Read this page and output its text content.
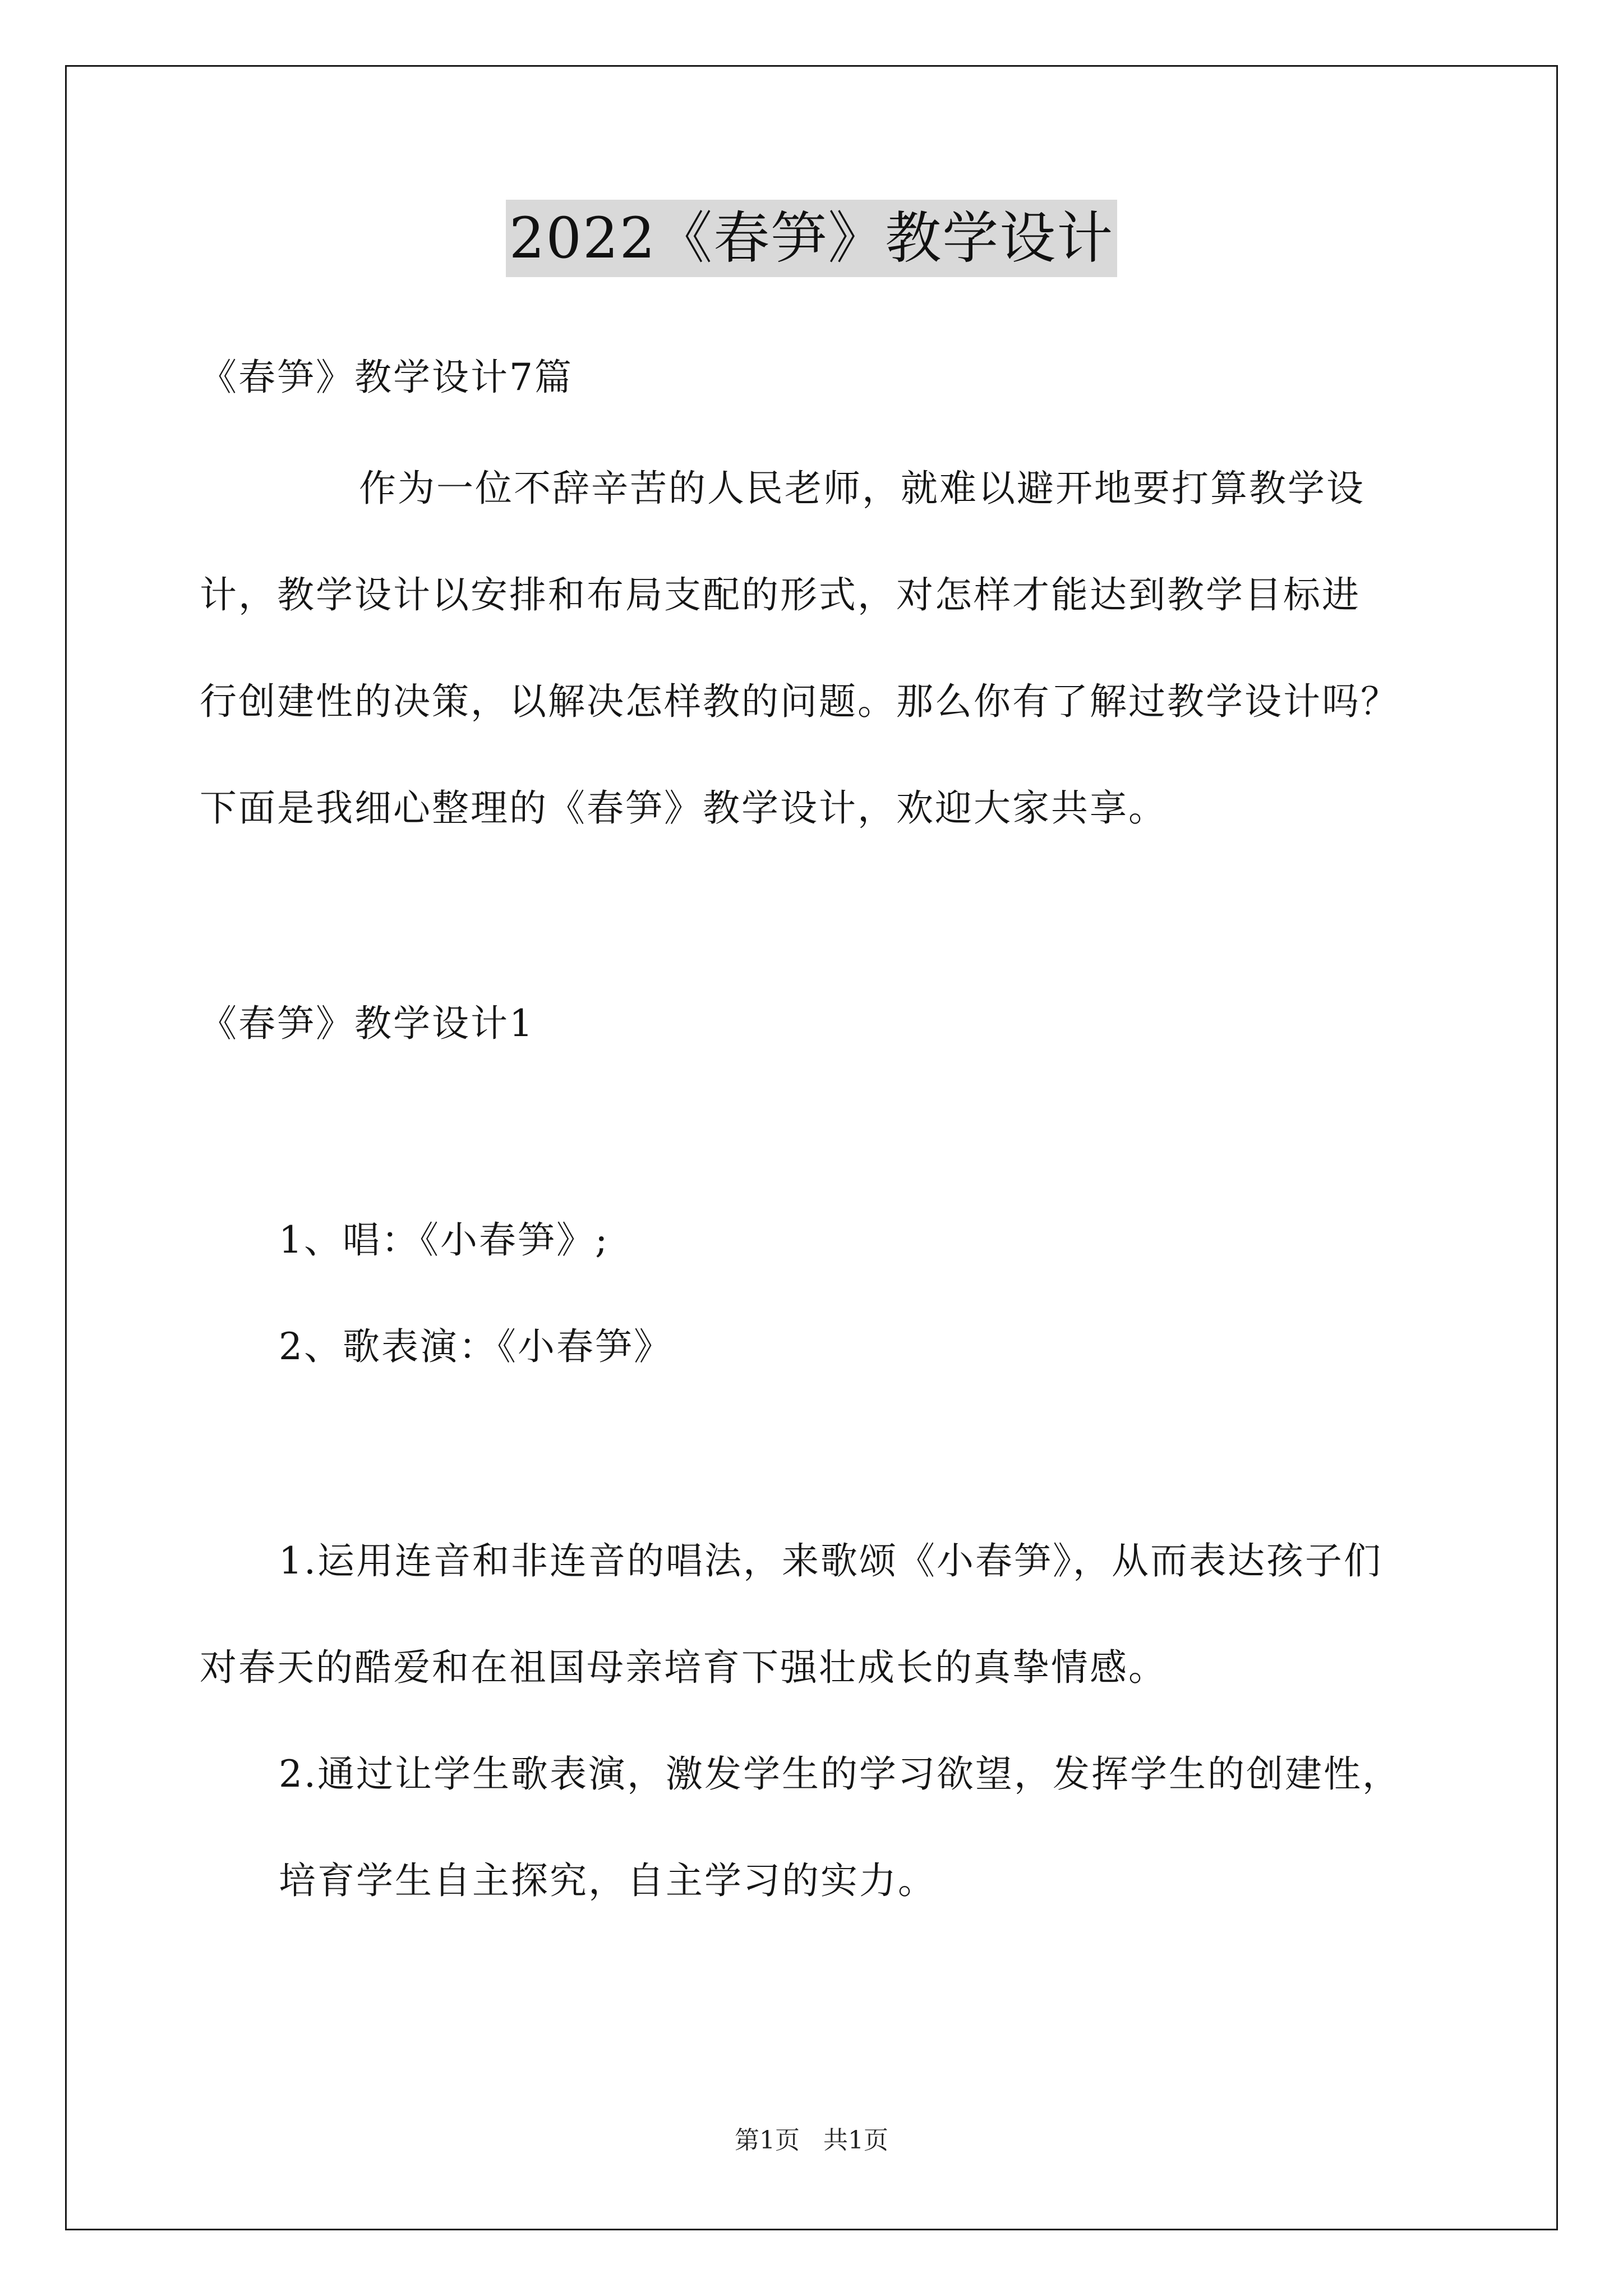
2022《春笋》教学设计
《春笋》教学设计7篇
作为一位不辞辛苦的人民老师，就难以避开地要打算教学设
计，教学设计以安排和布局支配的形式，对怎样才能达到教学目标进
行创建性的决策，以解决怎样教的问题。那么你有了解过教学设计吗？
下面是我细心整理的《春笋》教学设计，欢迎大家共享。
《春笋》教学设计1
1、唱：《小春笋》;
2、歌表演：《小春笋》
1.运用连音和非连音的唱法，来歌颂《小春笋》，从而表达孩子们
对春天的酷爱和在祖国母亲培育下强壮成长的真挚情感。
2.通过让学生歌表演，激发学生的学习欲望，发挥学生的创建性，
培育学生自主探究，自主学习的实力。
第1页   共1页
